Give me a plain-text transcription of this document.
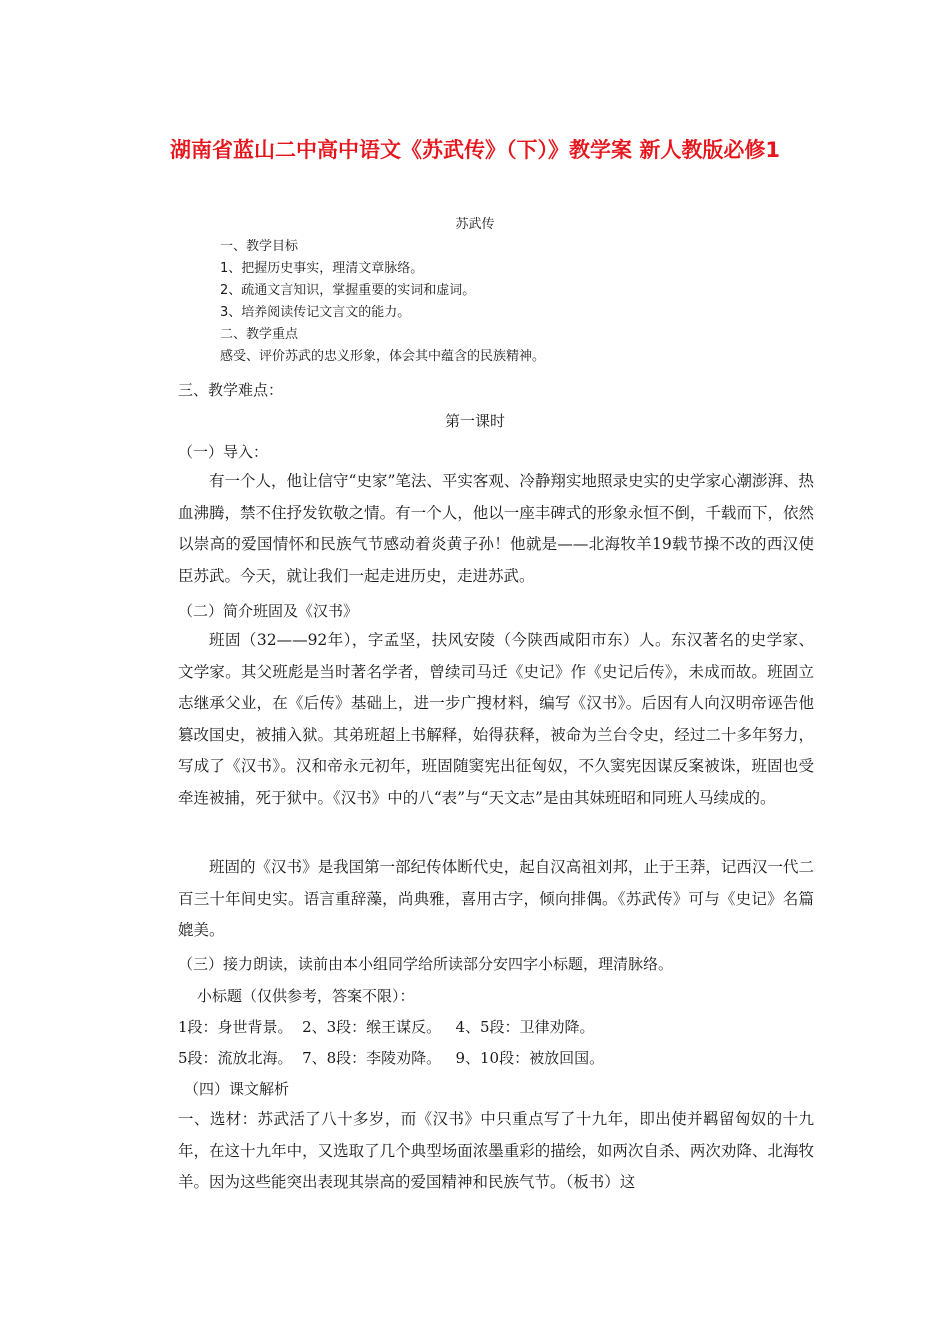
湖南省蓝山二中高中语文《苏武传》（下）》教学案 新人教版必修1
苏武传
一、教学目标
1、把握历史事实，理清文章脉络。
2、疏通文言知识，掌握重要的实词和虚词。
3、培养阅读传记文言文的能力。
二、教学重点
感受、评价苏武的忠义形象，体会其中蕴含的民族精神。
三、教学难点：
第一课时
（一）导入：

有一个人，他让信守“史家”笔法、平实客观、冷静翔实地照录史实的史学家心潮澎湃、热血沸腾，禁不住抒发钦敬之情。有一个人，他以一座丰碑式的形象永恒不倒，千载而下，依然以崇高的爱国情怀和民族气节感动着炎黄子孙！他就是——北海牧羊19载节操不改的西汉使臣苏武。今天，就让我们一起走进历史，走进苏武。

（二）简介班固及《汉书》

班固（32——92年），字孟坚，扶风安陵（今陕西咸阳市东）人。东汉著名的史学家、文学家。其父班彪是当时著名学者，曾续司马迁《史记》作《史记后传》，未成而故。班固立志继承父业，在《后传》基础上，进一步广搜材料，编写《汉书》。后因有人向汉明帝诬告他篡改国史，被捕入狱。其弟班超上书解释，始得获释，被命为兰台令史，经过二十多年努力，写成了《汉书》。汉和帝永元初年，班固随窦宪出征匈奴，不久窦宪因谋反案被诛，班固也受牵连被捕，死于狱中。《汉书》中的八“表”与“天文志”是由其妹班昭和同班人马续成的。

班固的《汉书》是我国第一部纪传体断代史，起自汉高祖刘邦，止于王莽，记西汉一代二百三十年间史实。语言重辞藻，尚典雅，喜用古字，倾向排偶。《苏武传》可与《史记》名篇媲美。

（三）接力朗读，读前由本小组同学给所读部分安四字小标题，理清脉络。
小标题（仅供参考，答案不限）：
1段：身世背景。  2、3段：缑王谋反。   4、5段：卫律劝降。
5段：流放北海。  7、8段：李陵劝降。   9、10段：被放回国。
（四）课文解析

一、选材：苏武活了八十多岁，而《汉书》中只重点写了十九年，即出使并羁留匈奴的十九年，在这十九年中，又选取了几个典型场面浓墨重彩的描绘，如两次自杀、两次劝降、北海牧羊。因为这些能突出表现其崇高的爱国精神和民族气节。（板书）这
